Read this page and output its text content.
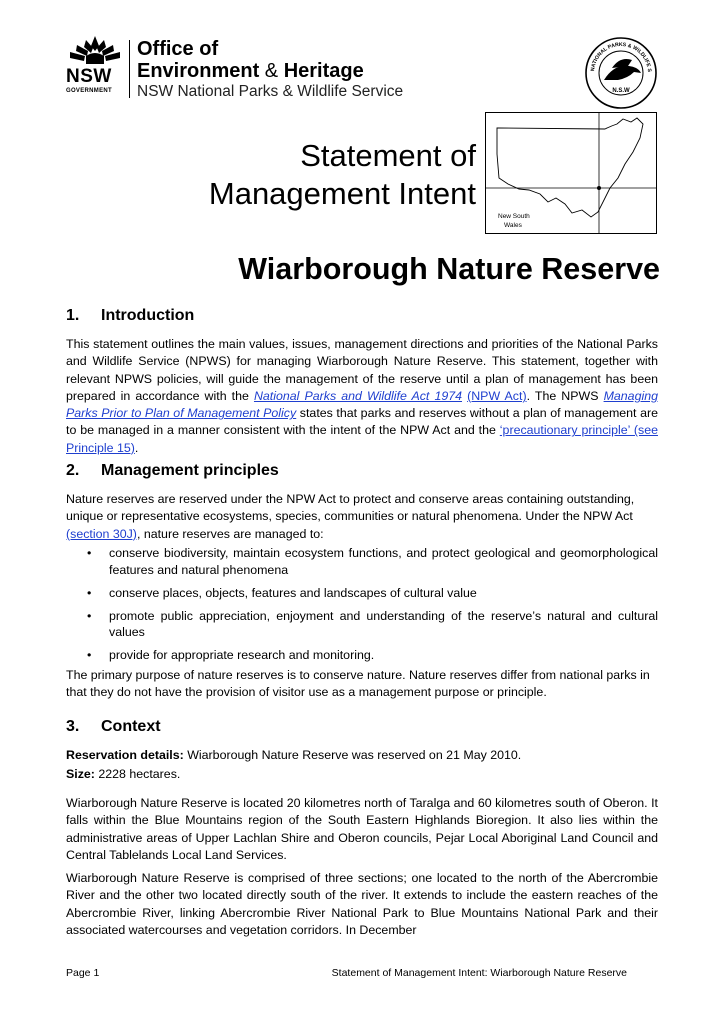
NSW
GOVERNMENT
Office of
Environment & Heritage
NSW National Parks & Wildlife Service
NATIONAL PARKS & WILDLIFE S
N.S.W
Statement of
Management Intent
New South
Wales
Wiarborough Nature Reserve
1. Introduction
This statement outlines the main values, issues, management directions and priorities of the National Parks and Wildlife Service (NPWS) for managing Wiarborough Nature Reserve. This statement, together with relevant NPWS policies, will guide the management of the reserve until a plan of management has been prepared in accordance with the National Parks and Wildlife Act 1974 (NPW Act). The NPWS Managing Parks Prior to Plan of Management Policy states that parks and reserves without a plan of management are to be managed in a manner consistent with the intent of the NPW Act and the ‘precautionary principle’ (see Principle 15).
2. Management principles
Nature reserves are reserved under the NPW Act to protect and conserve areas containing outstanding, unique or representative ecosystems, species, communities or natural phenomena. Under the NPW Act (section 30J), nature reserves are managed to:
• conserve biodiversity, maintain ecosystem functions, and protect geological and geomorphological features and natural phenomena
• conserve places, objects, features and landscapes of cultural value
• promote public appreciation, enjoyment and understanding of the reserve’s natural and cultural values
• provide for appropriate research and monitoring.
The primary purpose of nature reserves is to conserve nature. Nature reserves differ from national parks in that they do not have the provision of visitor use as a management purpose or principle.
3. Context
Reservation details: Wiarborough Nature Reserve was reserved on 21 May 2010.
Size: 2228 hectares.
Wiarborough Nature Reserve is located 20 kilometres north of Taralga and 60 kilometres south of Oberon. It falls within the Blue Mountains region of the South Eastern Highlands Bioregion. It also lies within the administrative areas of Upper Lachlan Shire and Oberon councils, Pejar Local Aboriginal Land Council and Central Tablelands Local Land Services.
Wiarborough Nature Reserve is comprised of three sections; one located to the north of the Abercrombie River and the other two located directly south of the river. It extends to include the eastern reaches of the Abercrombie River, linking Abercrombie River National Park to Blue Mountains National Park and their associated watercourses and vegetation corridors. In December
Page 1	Statement of Management Intent: Wiarborough Nature Reserve
